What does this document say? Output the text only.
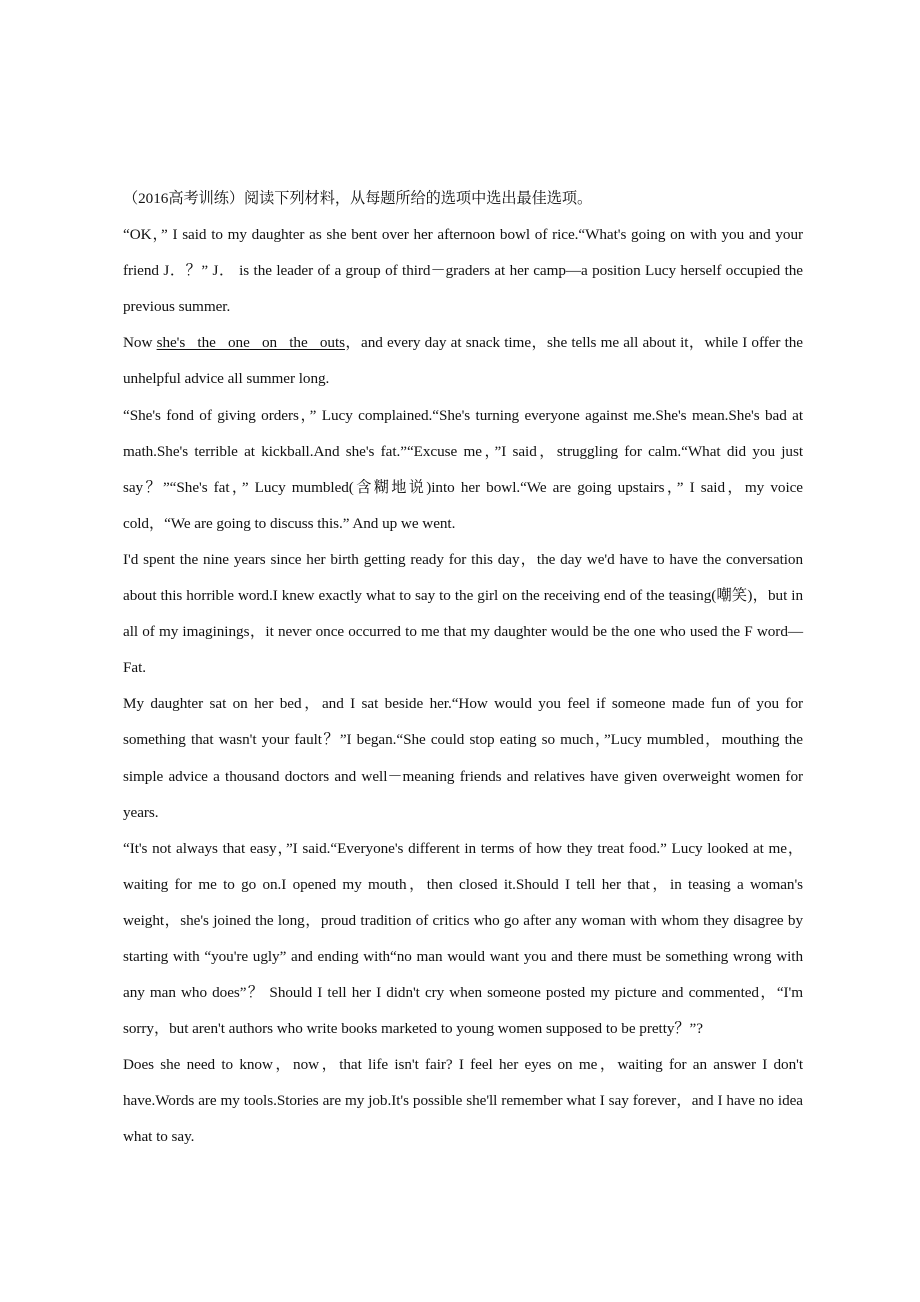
（2016高考训练）阅读下列材料，从每题所给的选项中选出最佳选项。

“OK，” I said to my daughter as she bent over her afternoon bowl of rice.“What's going on with you and your friend J．？” J． is the leader of a group of third－graders at her camp—a position Lucy herself occupied the previous summer.

Now she's the one on the outs，and every day at snack time，she tells me all about it，while I offer the unhelpful advice all summer long.

“She's fond of giving orders，” Lucy complained.“She's turning everyone against me.She's mean.She's bad at math.She's terrible at kickball.And she's fat.”“Excuse me，”I said，struggling for calm.“What did you just say？”“She's fat，” Lucy mumbled(含糊地说)into her bowl.“We are going upstairs，” I said，my voice cold，“We are going to discuss this.” And up we went.

I'd spent the nine years since her birth getting ready for this day，the day we'd have to have the conversation about this horrible word.I knew exactly what to say to the girl on the receiving end of the teasing(嘲笑)，but in all of my imaginings，it never once occurred to me that my daughter would be the one who used the F word—Fat.

My daughter sat on her bed，and I sat beside her.“How would you feel if someone made fun of you for something that wasn't your fault？”I began.“She could stop eating so much，”Lucy mumbled，mouthing the simple advice a thousand doctors and well－meaning friends and relatives have given overweight women for years.

“It's not always that easy，”I said.“Everyone's different in terms of how they treat food.” Lucy looked at me，waiting for me to go on.I opened my mouth，then closed it.Should I tell her that，in teasing a woman's weight，she's joined the long，proud tradition of critics who go after any woman with whom they disagree by starting with “you're ugly” and ending with“no man would want you and there must be something wrong with any man who does”？ Should I tell her I didn't cry when someone posted my picture and commented，“I'm sorry，but aren't authors who write books marketed to young women supposed to be pretty？”?

Does she need to know，now，that life isn't fair? I feel her eyes on me，waiting for an answer I don't have.Words are my tools.Stories are my job.It's possible she'll remember what I say forever，and I have no idea what to say.
